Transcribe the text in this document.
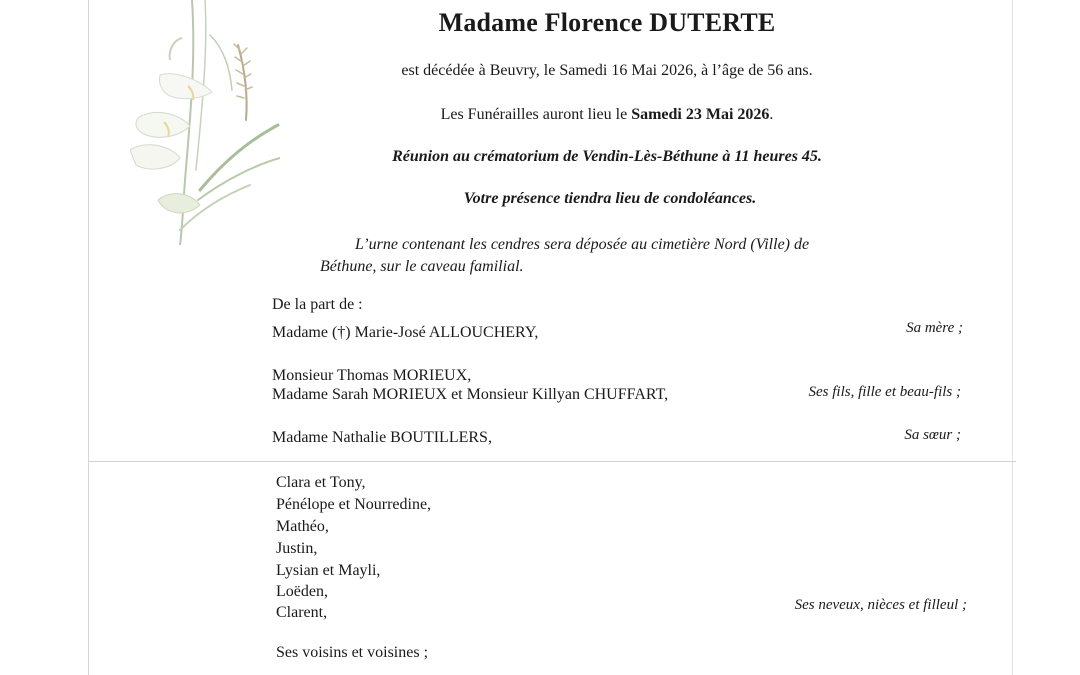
Madame Florence DUTERTE
est décédée à Beuvry, le Samedi 16 Mai 2026, à l’âge de 56 ans.
Les Funérailles auront lieu le Samedi 23 Mai 2026.
Réunion au crématorium de Vendin-Lès-Béthune à 11 heures 45.
Votre présence tiendra lieu de condoléances.
L’urne contenant les cendres sera déposée au cimetière Nord (Ville) de
Béthune, sur le caveau familial.
De la part de :
Madame (†) Marie-José ALLOUCHERY,	Sa mère ;
Monsieur Thomas MORIEUX,
Madame Sarah MORIEUX et Monsieur Killyan CHUFFART,	Ses fils, fille et beau-fils ;
Madame Nathalie BOUTILLERS,	Sa sœur ;
Clara et Tony,
Pénélope et Nourredine,
Mathéo,
Justin,
Lysian et Mayli,
Loëden,
Clarent,	Ses neveux, nièces et filleul ;
Ses voisins et voisines ;
